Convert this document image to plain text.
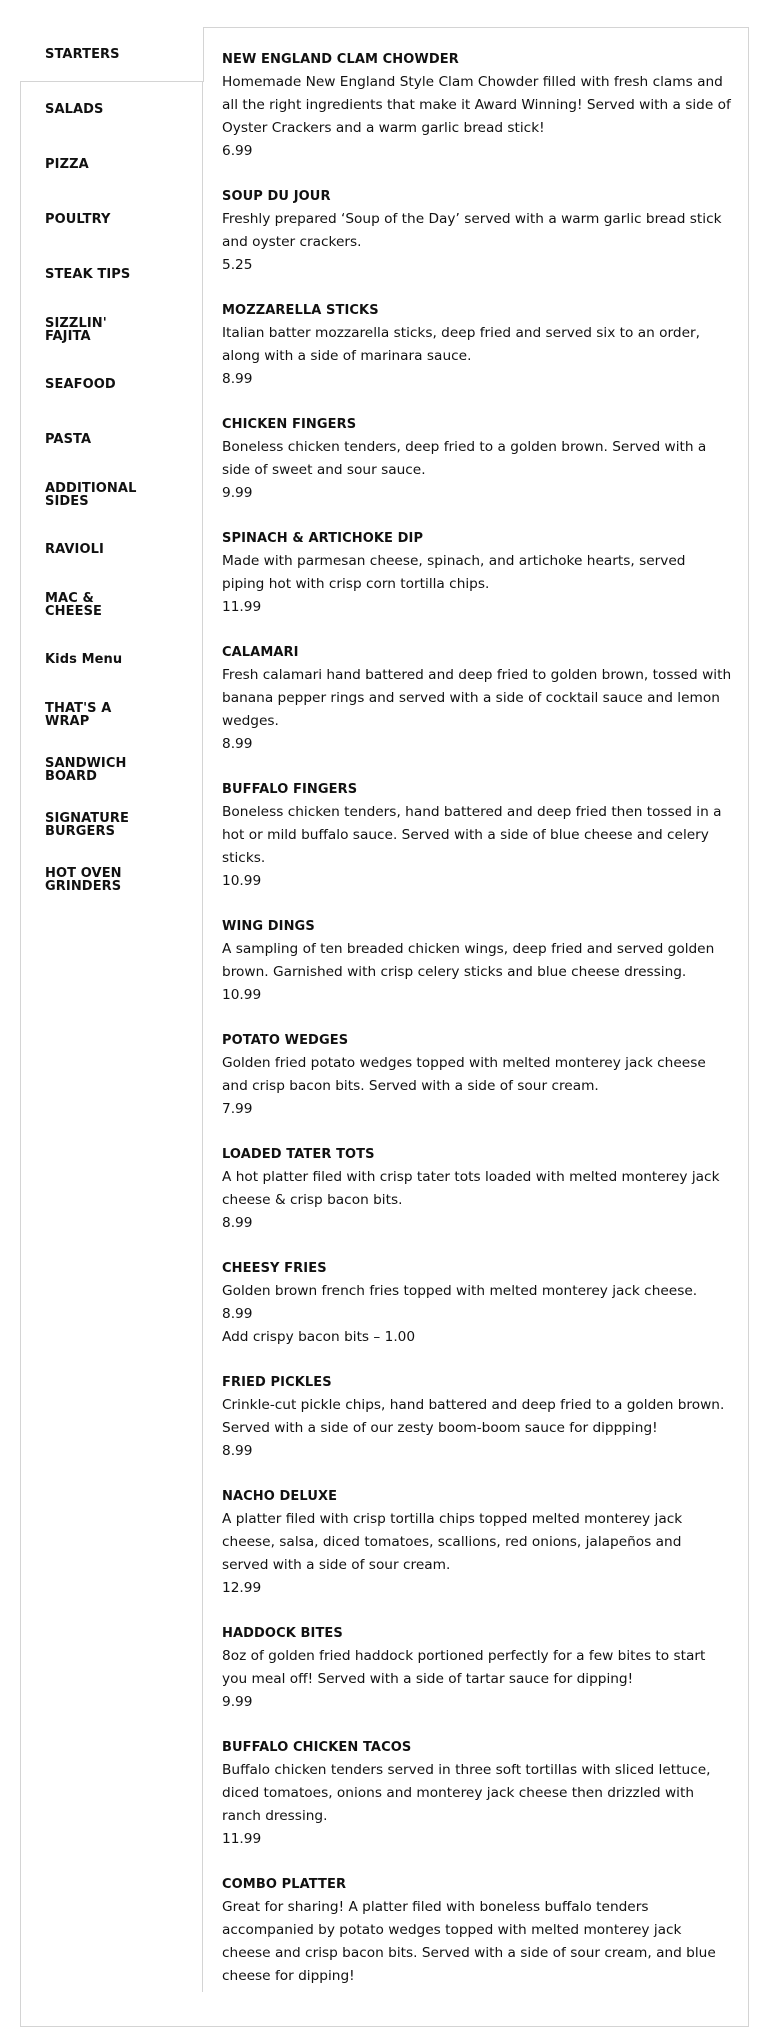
STARTERS
SALADS
PIZZA
POULTRY
STEAK TIPS
SIZZLIN' FAJITA
SEAFOOD
PASTA
ADDITIONAL SIDES
RAVIOLI
MAC & CHEESE
Kids Menu
THAT'S A WRAP
SANDWICH BOARD
SIGNATURE BURGERS
HOT OVEN GRINDERS
NEW ENGLAND CLAM CHOWDER
Homemade New England Style Clam Chowder filled with fresh clams and all the right ingredients that make it Award Winning! Served with a side of Oyster Crackers and a warm garlic bread stick!
6.99
SOUP DU JOUR
Freshly prepared ‘Soup of the Day’ served with a warm garlic bread stick and oyster crackers.
5.25
MOZZARELLA STICKS
Italian batter mozzarella sticks, deep fried and served six to an order, along with a side of marinara sauce.
8.99
CHICKEN FINGERS
Boneless chicken tenders, deep fried to a golden brown. Served with a side of sweet and sour sauce.
9.99
SPINACH & ARTICHOKE DIP
Made with parmesan cheese, spinach, and artichoke hearts, served piping hot with crisp corn tortilla chips.
11.99
CALAMARI
Fresh calamari hand battered and deep fried to golden brown, tossed with banana pepper rings and served with a side of cocktail sauce and lemon wedges.
8.99
BUFFALO FINGERS
Boneless chicken tenders, hand battered and deep fried then tossed in a hot or mild buffalo sauce. Served with a side of blue cheese and celery sticks.
10.99
WING DINGS
A sampling of ten breaded chicken wings, deep fried and served golden brown. Garnished with crisp celery sticks and blue cheese dressing.
10.99
POTATO WEDGES
Golden fried potato wedges topped with melted monterey jack cheese and crisp bacon bits. Served with a side of sour cream.
7.99
LOADED TATER TOTS
A hot platter filed with crisp tater tots loaded with melted monterey jack cheese & crisp bacon bits.
8.99
CHEESY FRIES
Golden brown french fries topped with melted monterey jack cheese.
8.99
Add crispy bacon bits – 1.00
FRIED PICKLES
Crinkle-cut pickle chips, hand battered and deep fried to a golden brown. Served with a side of our zesty boom-boom sauce for dippping!
8.99
NACHO DELUXE
A platter filed with crisp tortilla chips topped melted monterey jack cheese, salsa, diced tomatoes, scallions, red onions, jalapeños and served with a side of sour cream.
12.99
HADDOCK BITES
8oz of golden fried haddock portioned perfectly for a few bites to start you meal off! Served with a side of tartar sauce for dipping!
9.99
BUFFALO CHICKEN TACOS
Buffalo chicken tenders served in three soft tortillas with sliced lettuce, diced tomatoes, onions and monterey jack cheese then drizzled with ranch dressing.
11.99
COMBO PLATTER
Great for sharing! A platter filed with boneless buffalo tenders accompanied by potato wedges topped with melted monterey jack cheese and crisp bacon bits. Served with a side of sour cream, and blue cheese for dipping!
